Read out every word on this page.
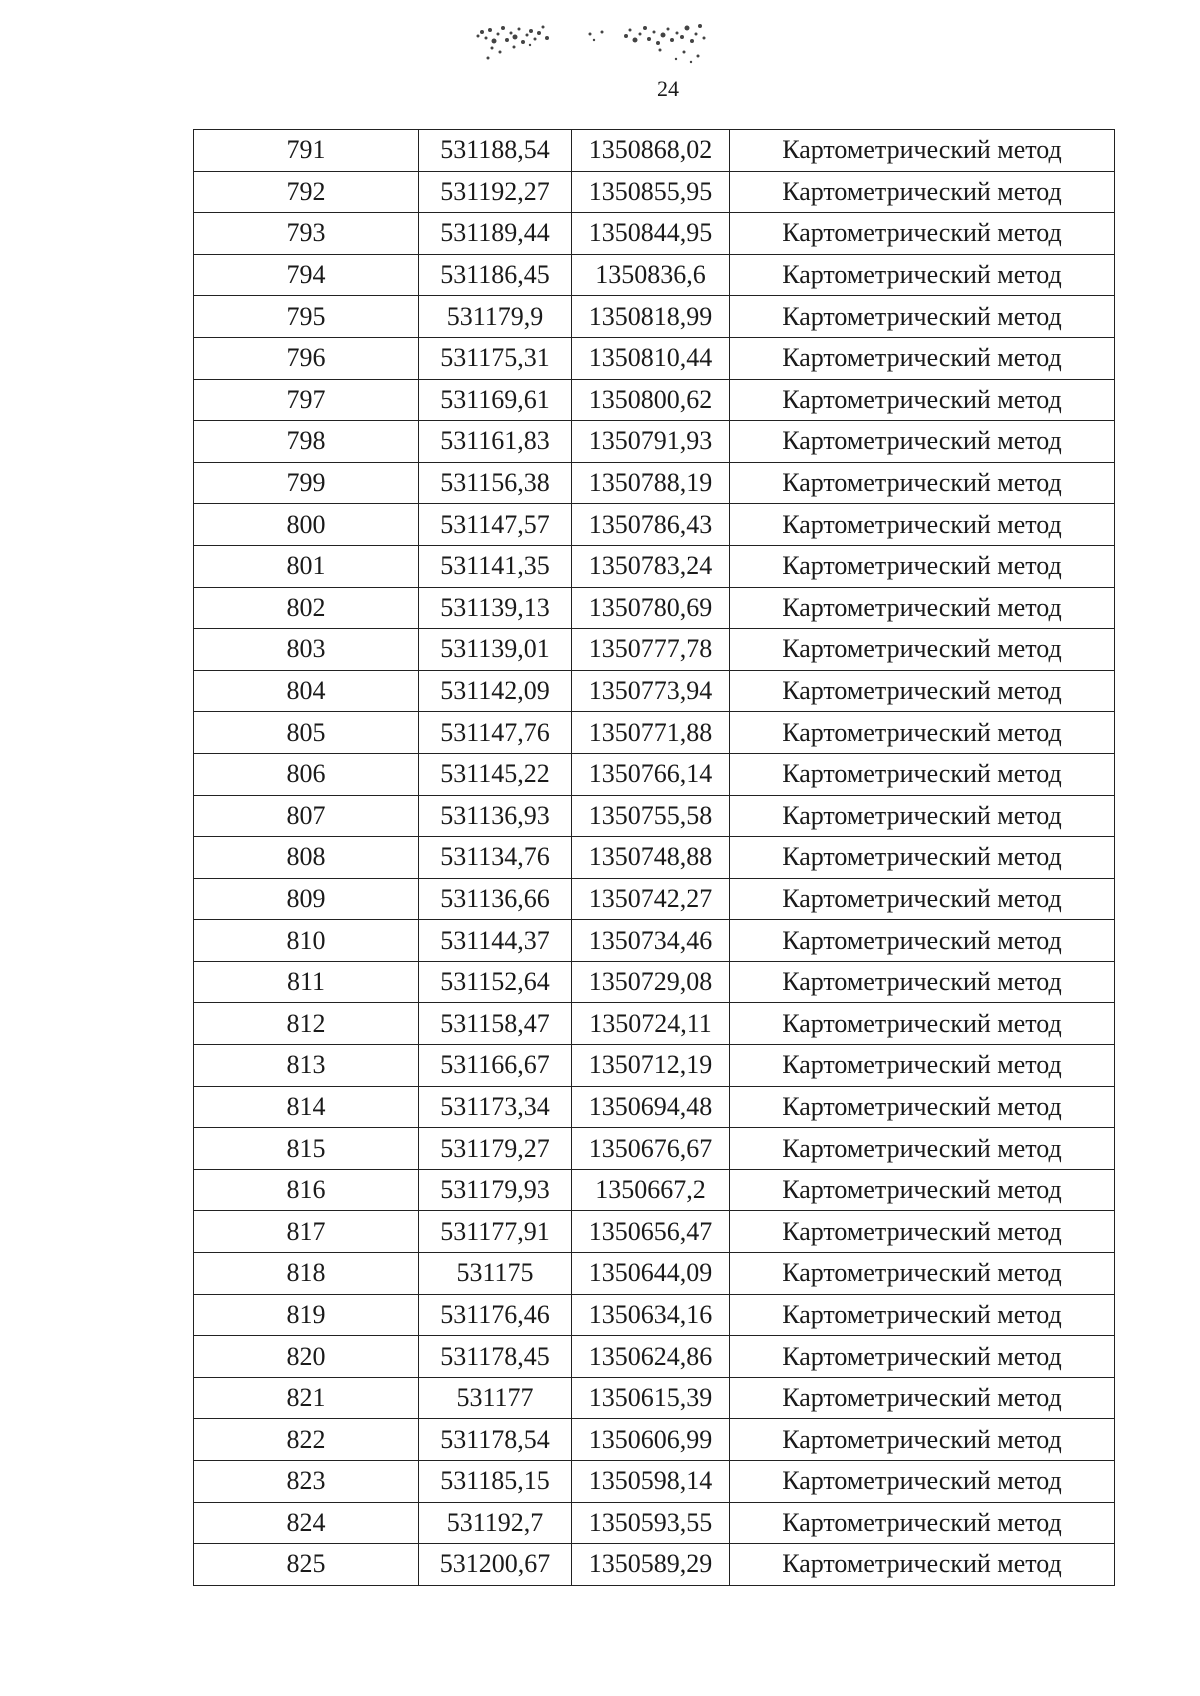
24
791	531188,54	1350868,02	Картометрический метод
792	531192,27	1350855,95	Картометрический метод
793	531189,44	1350844,95	Картометрический метод
794	531186,45	1350836,6	Картометрический метод
795	531179,9	1350818,99	Картометрический метод
796	531175,31	1350810,44	Картометрический метод
797	531169,61	1350800,62	Картометрический метод
798	531161,83	1350791,93	Картометрический метод
799	531156,38	1350788,19	Картометрический метод
800	531147,57	1350786,43	Картометрический метод
801	531141,35	1350783,24	Картометрический метод
802	531139,13	1350780,69	Картометрический метод
803	531139,01	1350777,78	Картометрический метод
804	531142,09	1350773,94	Картометрический метод
805	531147,76	1350771,88	Картометрический метод
806	531145,22	1350766,14	Картометрический метод
807	531136,93	1350755,58	Картометрический метод
808	531134,76	1350748,88	Картометрический метод
809	531136,66	1350742,27	Картометрический метод
810	531144,37	1350734,46	Картометрический метод
811	531152,64	1350729,08	Картометрический метод
812	531158,47	1350724,11	Картометрический метод
813	531166,67	1350712,19	Картометрический метод
814	531173,34	1350694,48	Картометрический метод
815	531179,27	1350676,67	Картометрический метод
816	531179,93	1350667,2	Картометрический метод
817	531177,91	1350656,47	Картометрический метод
818	531175	1350644,09	Картометрический метод
819	531176,46	1350634,16	Картометрический метод
820	531178,45	1350624,86	Картометрический метод
821	531177	1350615,39	Картометрический метод
822	531178,54	1350606,99	Картометрический метод
823	531185,15	1350598,14	Картометрический метод
824	531192,7	1350593,55	Картометрический метод
825	531200,67	1350589,29	Картометрический метод
